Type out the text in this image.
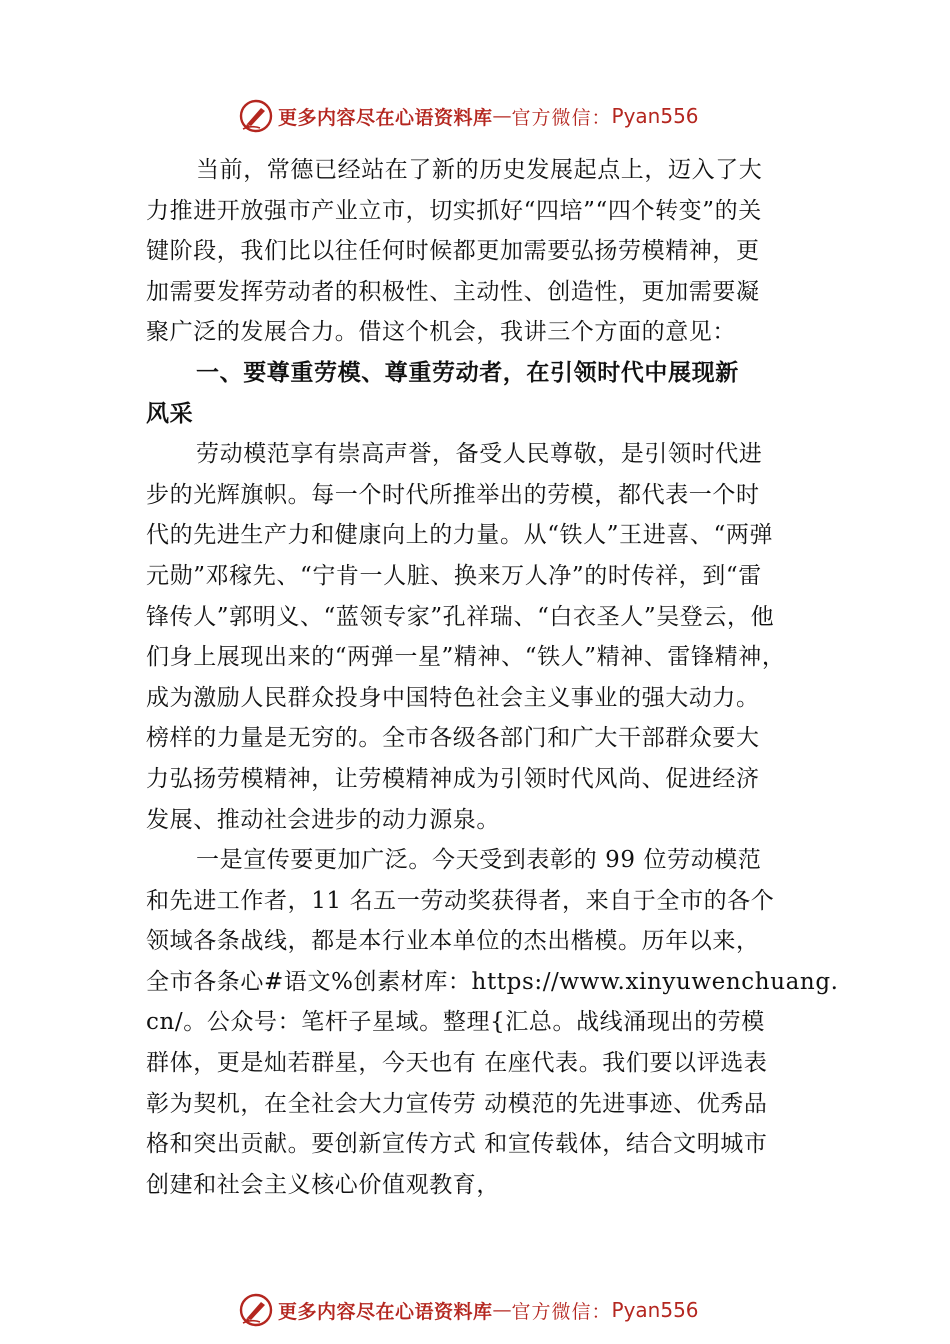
更多内容尽在心语资料库 — 官方微信： Pyan556
当前，常德已经站在了新的历史发展起点上，迈入了大
力推进开放强市产业立市，切实抓好“四培”“四个转变”的关
键阶段，我们比以往任何时候都更加需要弘扬劳模精神，更
加需要发挥劳动者的积极性、主动性、创造性，更加需要凝
聚广泛的发展合力。借这个机会，我讲三个方面的意见：
一、要尊重劳模、尊重劳动者，在引领时代中展现新
风采
劳动模范享有崇高声誉，备受人民尊敬，是引领时代进
步的光辉旗帜。每一个时代所推举出的劳模，都代表一个时
代的先进生产力和健康向上的力量。从“铁人”王进喜、“两弹
元勋”邓稼先、“宁肯一人脏、换来万人净”的时传祥，到“雷
锋传人”郭明义、“蓝领专家”孔祥瑞、“白衣圣人”吴登云，他
们身上展现出来的“两弹一星”精神、“铁人”精神、雷锋精神，
成为激励人民群众投身中国特色社会主义事业的强大动力。
榜样的力量是无穷的。全市各级各部门和广大干部群众要大
力弘扬劳模精神，让劳模精神成为引领时代风尚、促进经济
发展、推动社会进步的动力源泉。
一是宣传要更加广泛。今天受到表彰的 99 位劳动模范
和先进工作者，11 名五一劳动奖获得者，来自于全市的各个
领域各条战线，都是本行业本单位的杰出楷模。历年以来，
全市各条心#语文%创素材库：https://www.xinyuwenchuang.
cn/。公众号：笔杆子星域。整理{汇总。战线涌现出的劳模
群体，更是灿若群星，今天也有 在座代表。我们要以评选表
彰为契机，在全社会大力宣传劳 动模范的先进事迹、优秀品
格和突出贡献。要创新宣传方式 和宣传载体，结合文明城市
创建和社会主义核心价值观教育，
更多内容尽在心语资料库 — 官方微信： Pyan556
